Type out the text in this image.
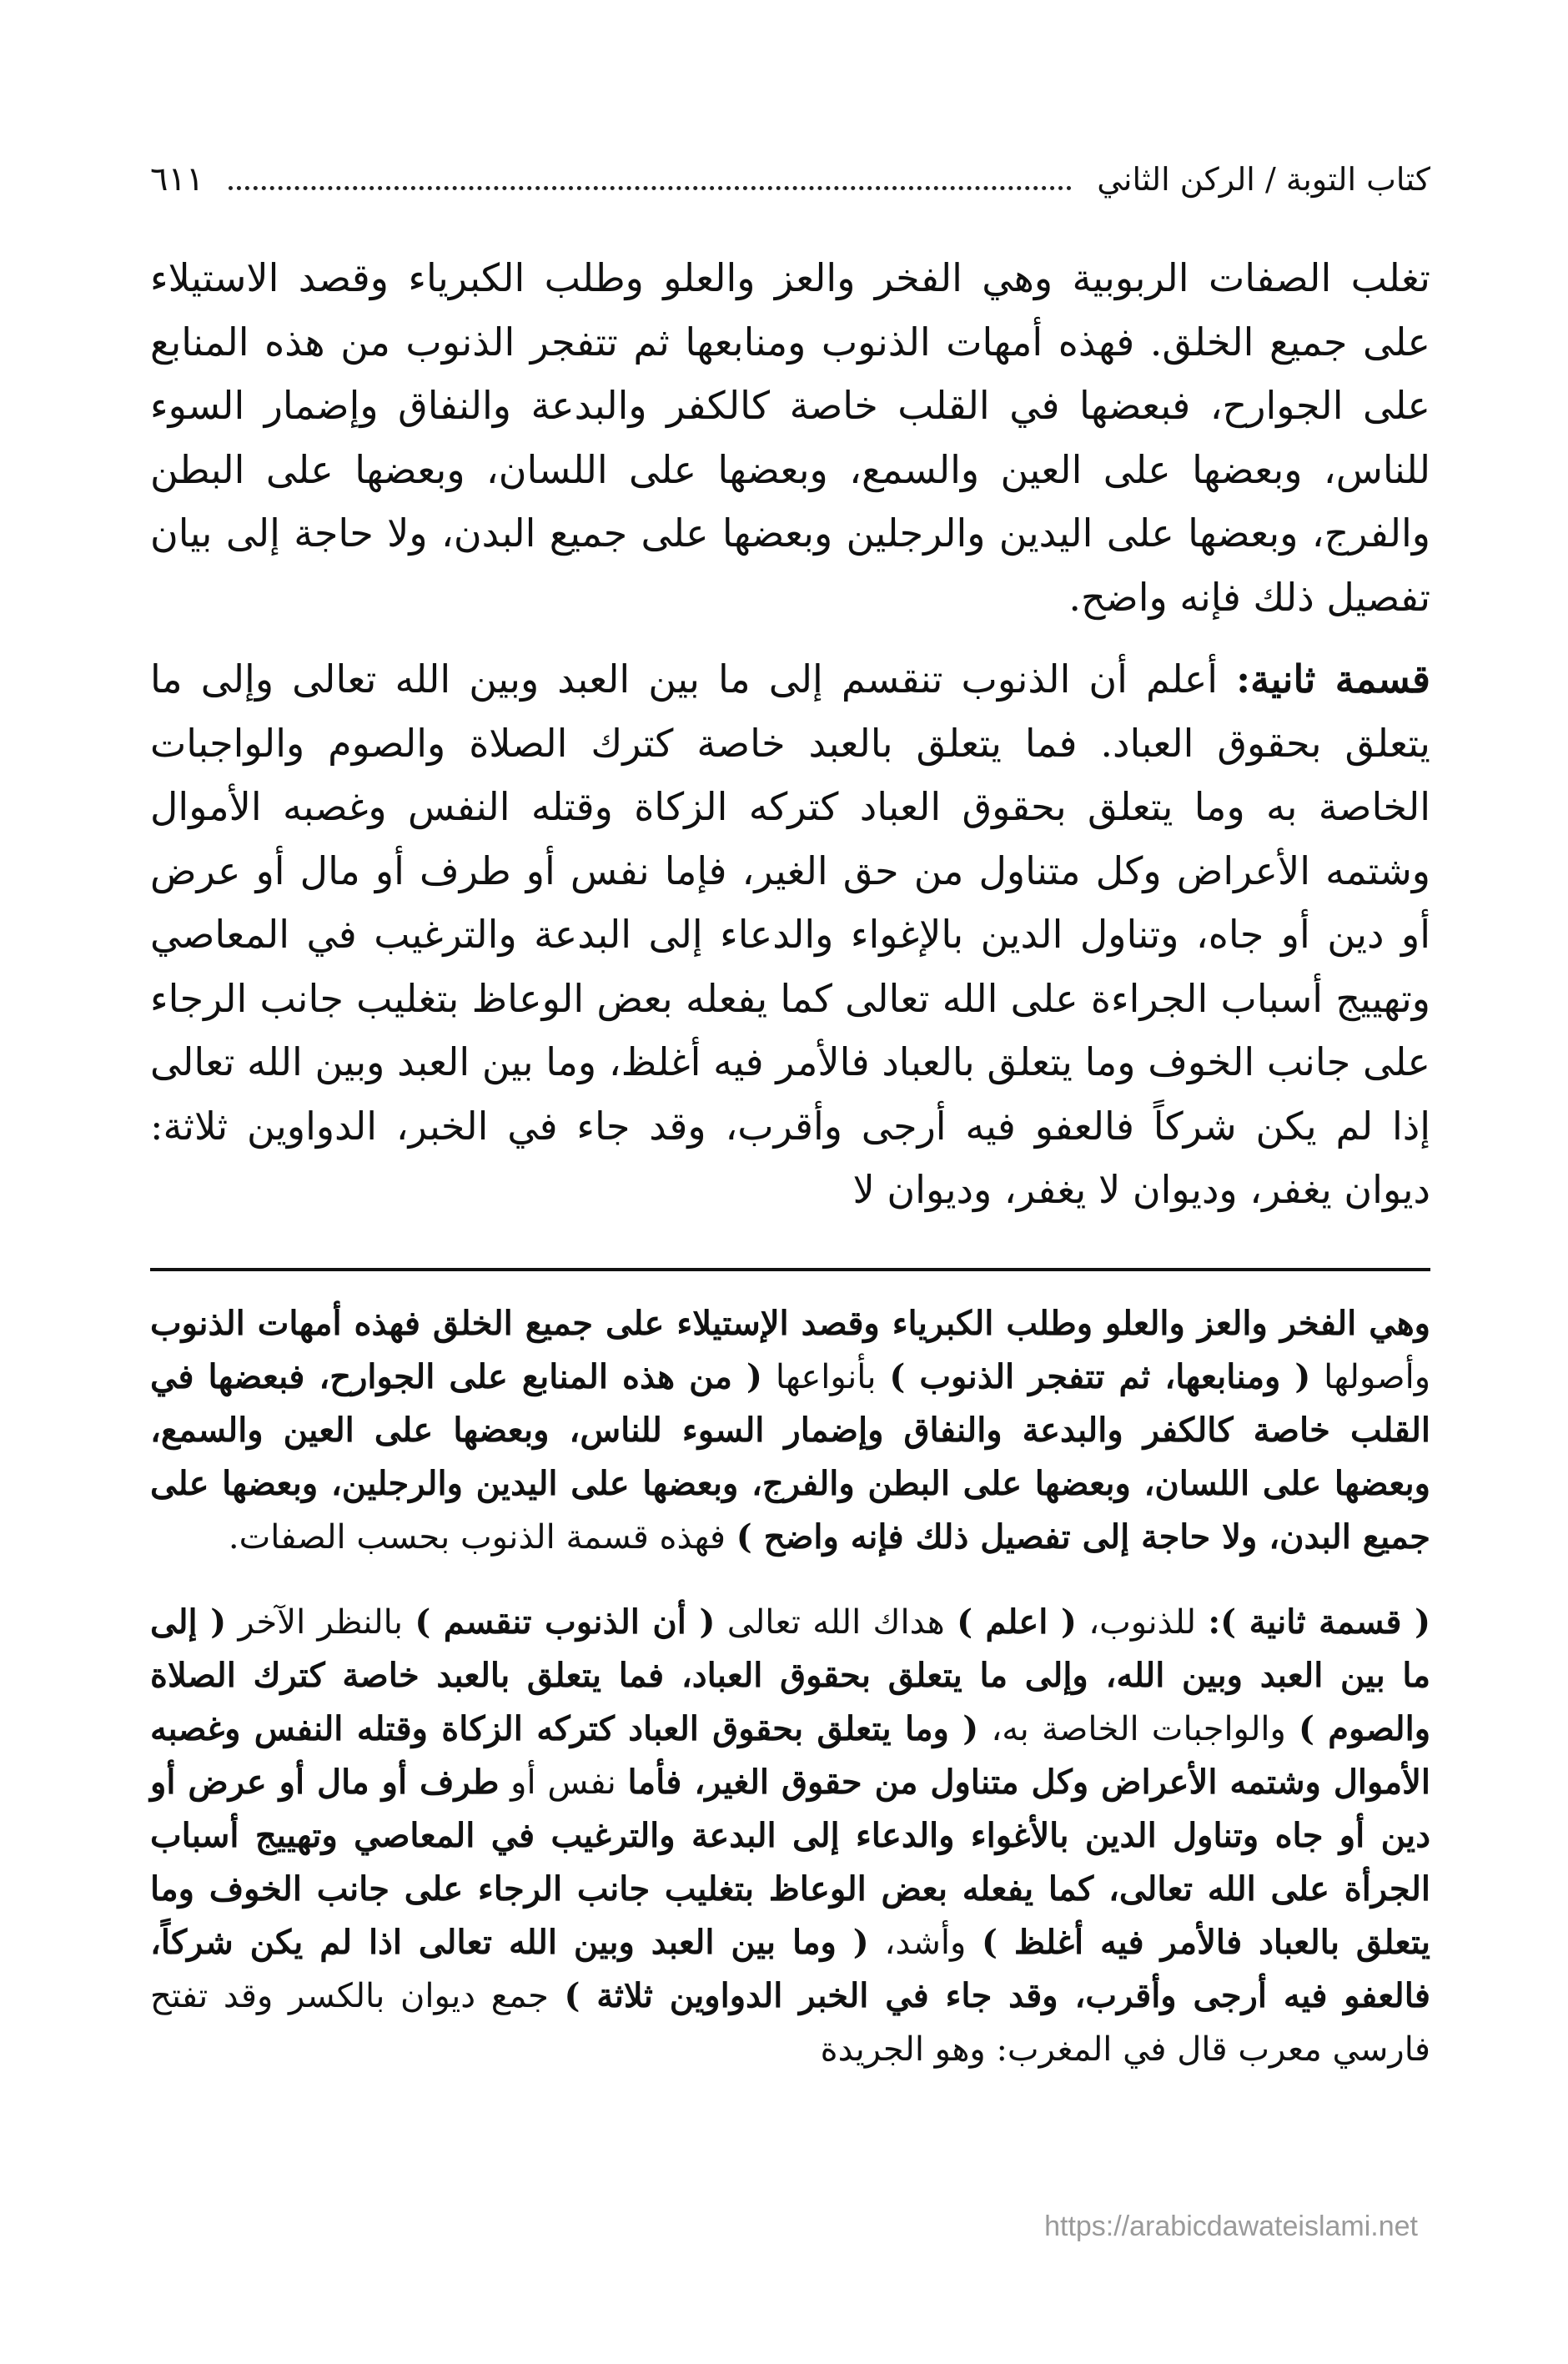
كتاب التوبة / الركن الثاني
٦١١

تغلب الصفات الربوبية وهي الفخر والعز والعلو وطلب الكبرياء وقصد الاستيلاء على جميع الخلق. فهذه أمهات الذنوب ومنابعها ثم تتفجر الذنوب من هذه المنابع على الجوارح، فبعضها في القلب خاصة كالكفر والبدعة والنفاق وإضمار السوء للناس، وبعضها على العين والسمع، وبعضها على اللسان، وبعضها على البطن والفرج، وبعضها على اليدين والرجلين وبعضها على جميع البدن، ولا حاجة إلى بيان تفصيل ذلك فإنه واضح.

قسمة ثانية: أعلم أن الذنوب تنقسم إلى ما بين العبد وبين الله تعالى وإلى ما يتعلق بحقوق العباد. فما يتعلق بالعبد خاصة كترك الصلاة والصوم والواجبات الخاصة به وما يتعلق بحقوق العباد كتركه الزكاة وقتله النفس وغصبه الأموال وشتمه الأعراض وكل متناول من حق الغير، فإما نفس أو طرف أو مال أو عرض أو دين أو جاه، وتناول الدين بالإغواء والدعاء إلى البدعة والترغيب في المعاصي وتهييج أسباب الجراءة على الله تعالى كما يفعله بعض الوعاظ بتغليب جانب الرجاء على جانب الخوف وما يتعلق بالعباد فالأمر فيه أغلظ، وما بين العبد وبين الله تعالى إذا لم يكن شركاً فالعفو فيه أرجى وأقرب، وقد جاء في الخبر، الدواوين ثلاثة: ديوان يغفر، وديوان لا يغفر، وديوان لا

وهي الفخر والعز والعلو وطلب الكبرياء وقصد الإستيلاء على جميع الخلق فهذه أمهات الذنوب وأصولها ( ومنابعها، ثم تتفجر الذنوب ) بأنواعها ( من هذه المنابع على الجوارح، فبعضها في القلب خاصة كالكفر والبدعة والنفاق وإضمار السوء للناس، وبعضها على العين والسمع، وبعضها على اللسان، وبعضها على البطن والفرج، وبعضها على اليدين والرجلين، وبعضها على جميع البدن، ولا حاجة إلى تفصيل ذلك فإنه واضح ) فهذه قسمة الذنوب بحسب الصفات.

( قسمة ثانية ): للذنوب، ( اعلم ) هداك الله تعالى ( أن الذنوب تنقسم ) بالنظر الآخر ( إلى ما بين العبد وبين الله، وإلى ما يتعلق بحقوق العباد، فما يتعلق بالعبد خاصة كترك الصلاة والصوم ) والواجبات الخاصة به، ( وما يتعلق بحقوق العباد كتركه الزكاة وقتله النفس وغصبه الأموال وشتمه الأعراض وكل متناول من حقوق الغير، فأما نفس أو طرف أو مال أو عرض أو دين أو جاه وتناول الدين بالأغواء والدعاء إلى البدعة والترغيب في المعاصي وتهييج أسباب الجرأة على الله تعالى، كما يفعله بعض الوعاظ بتغليب جانب الرجاء على جانب الخوف وما يتعلق بالعباد فالأمر فيه أغلظ ) وأشد، ( وما بين العبد وبين الله تعالى اذا لم يكن شركاً، فالعفو فيه أرجى وأقرب، وقد جاء في الخبر الدواوين ثلاثة ) جمع ديوان بالكسر وقد تفتح فارسي معرب قال في المغرب: وهو الجريدة

https://arabicdawateislami.net
